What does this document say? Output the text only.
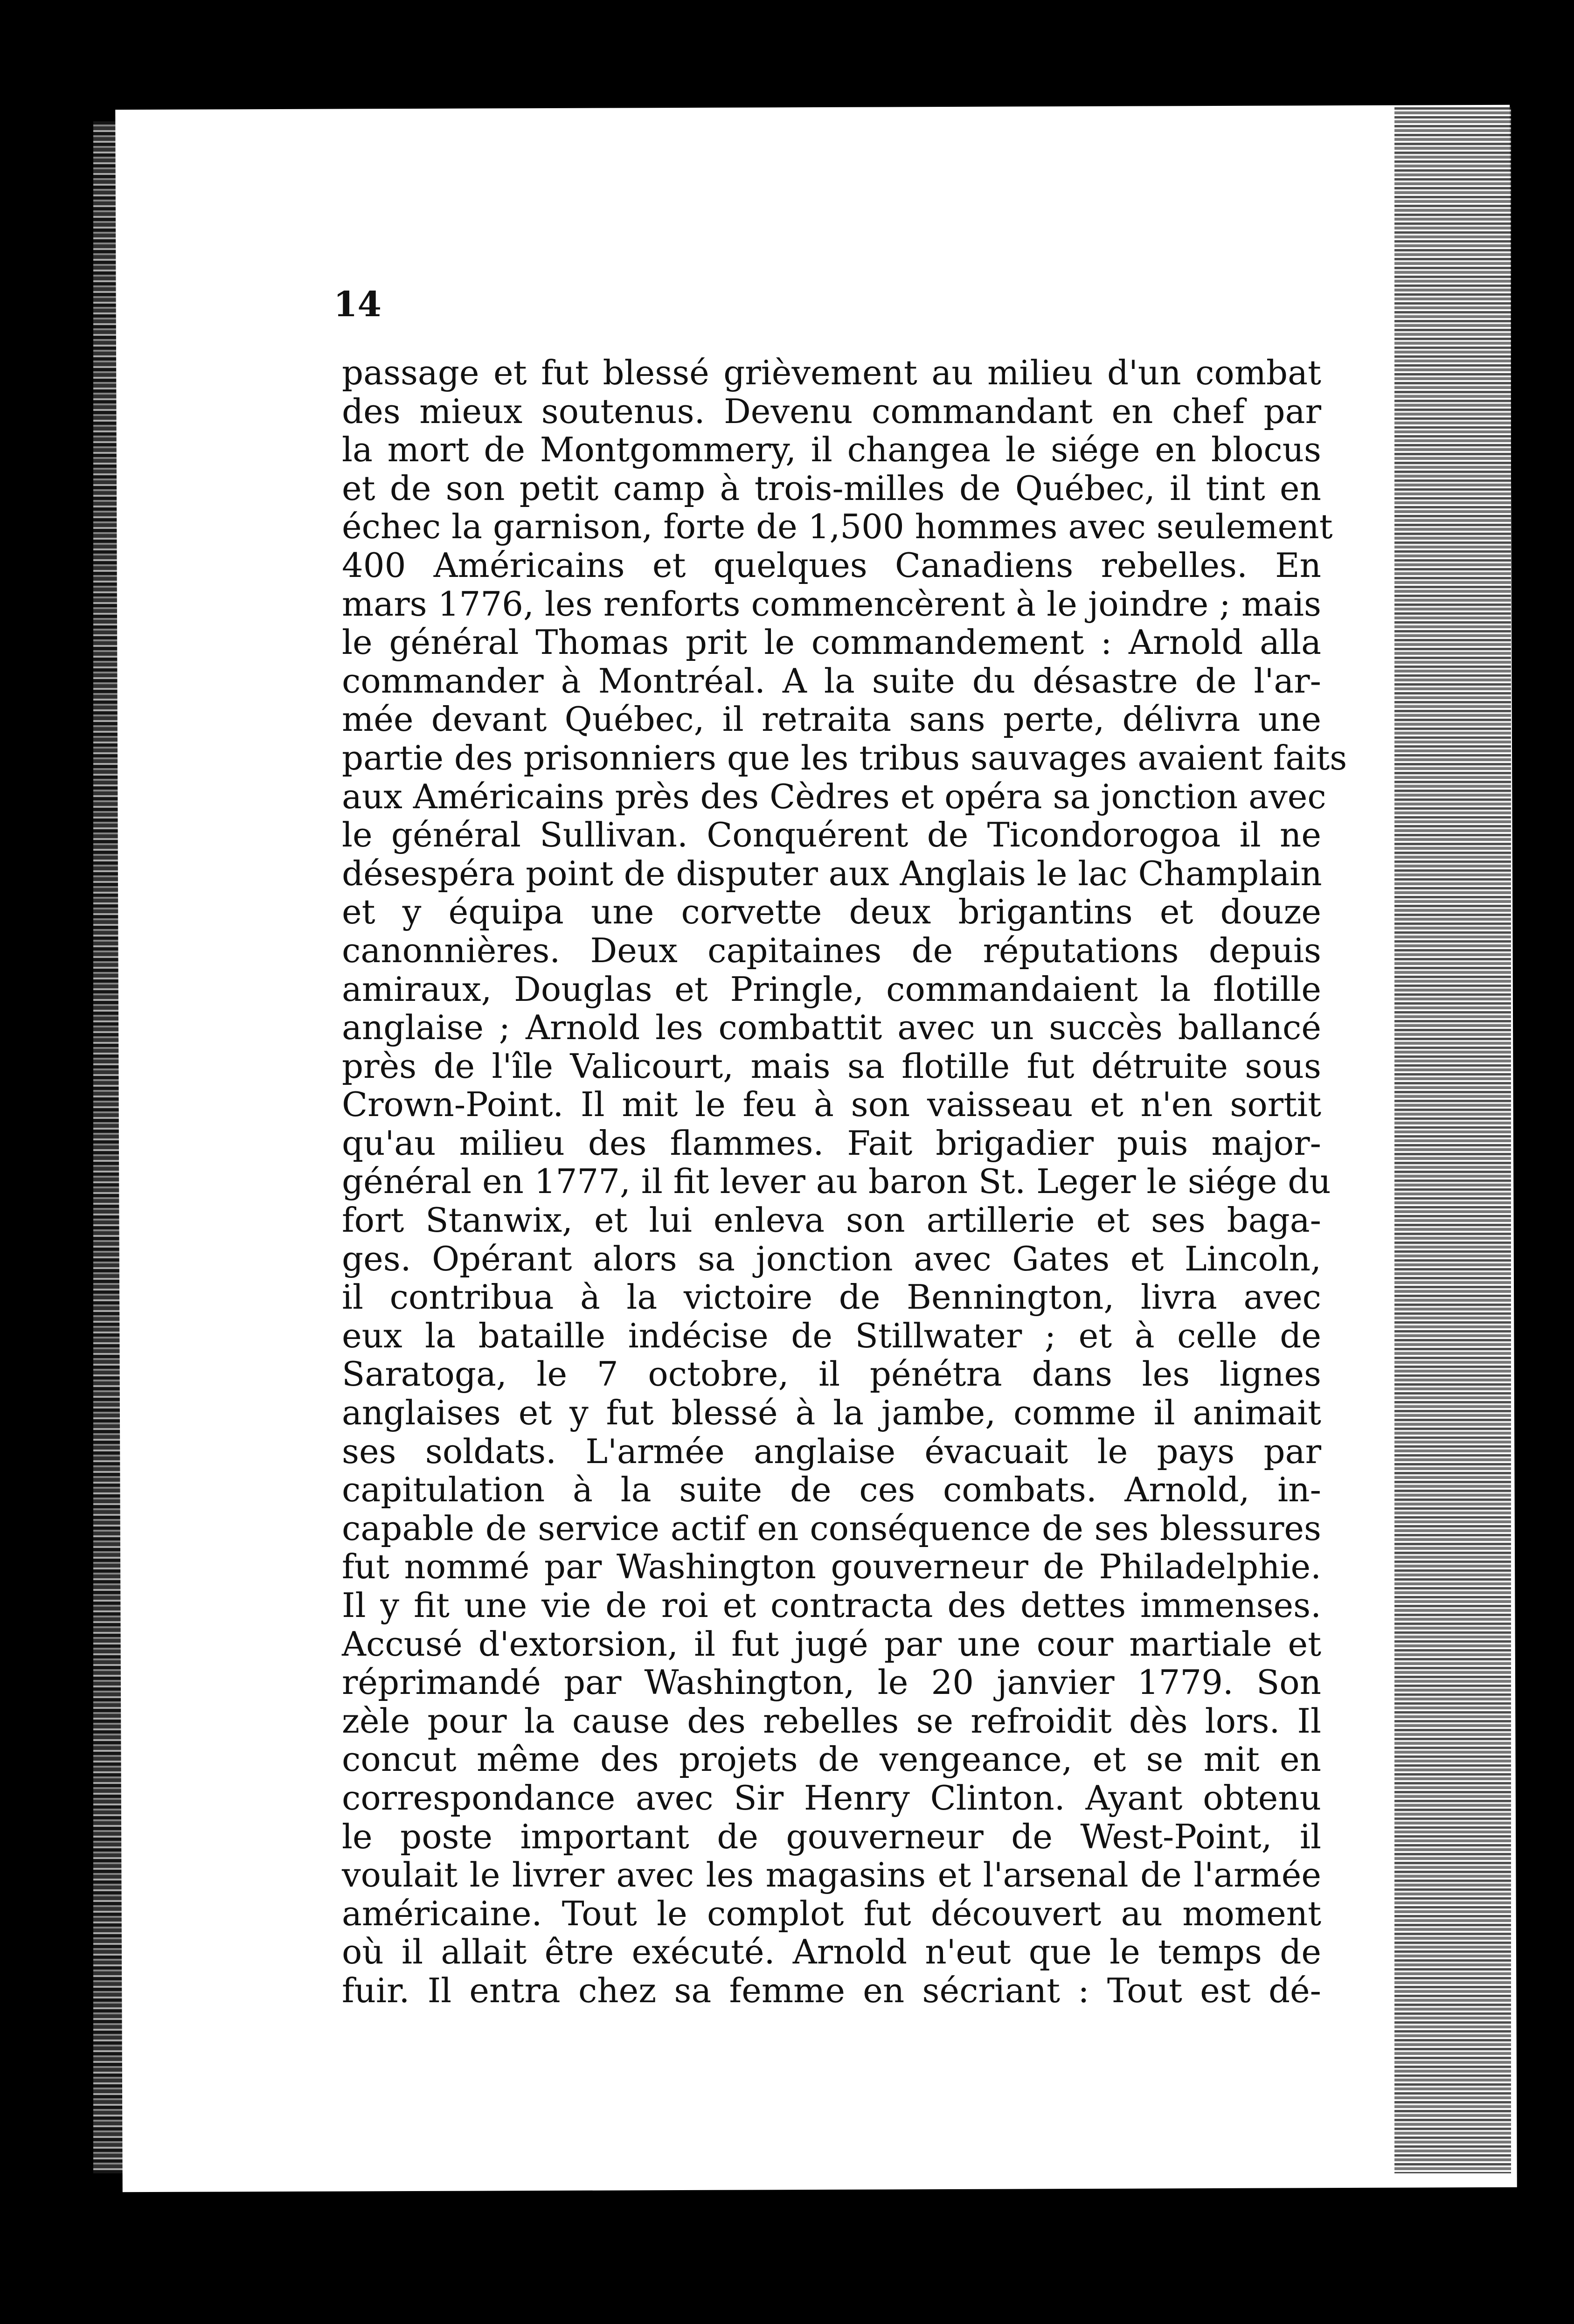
14
passage et fut blessé grièvement au milieu d'un combat
des mieux soutenus. Devenu commandant en chef par
la mort de Montgommery, il changea le siége en blocus
et de son petit camp à trois-milles de Québec, il tint en
échec la garnison, forte de 1,500 hommes avec seulement
400 Américains et quelques Canadiens rebelles. En
mars 1776, les renforts commencèrent à le joindre ; mais
le général Thomas prit le commandement : Arnold alla
commander à Montréal. A la suite du désastre de l'ar-
mée devant Québec, il retraita sans perte, délivra une
partie des prisonniers que les tribus sauvages avaient faits
aux Américains près des Cèdres et opéra sa jonction avec
le général Sullivan. Conquérent de Ticondorogoa il ne
désespéra point de disputer aux Anglais le lac Champlain
et y équipa une corvette deux brigantins et douze
canonnières. Deux capitaines de réputations depuis
amiraux, Douglas et Pringle, commandaient la flotille
anglaise ; Arnold les combattit avec un succès ballancé
près de l'île Valicourt, mais sa flotille fut détruite sous
Crown-Point. Il mit le feu à son vaisseau et n'en sortit
qu'au milieu des flammes. Fait brigadier puis major-
général en 1777, il fit lever au baron St. Leger le siége du
fort Stanwix, et lui enleva son artillerie et ses baga-
ges. Opérant alors sa jonction avec Gates et Lincoln,
il contribua à la victoire de Bennington, livra avec
eux la bataille indécise de Stillwater ; et à celle de
Saratoga, le 7 octobre, il pénétra dans les lignes
anglaises et y fut blessé à la jambe, comme il animait
ses soldats. L'armée anglaise évacuait le pays par
capitulation à la suite de ces combats. Arnold, in-
capable de service actif en conséquence de ses blessures
fut nommé par Washington gouverneur de Philadelphie.
Il y fit une vie de roi et contracta des dettes immenses.
Accusé d'extorsion, il fut jugé par une cour martiale et
réprimandé par Washington, le 20 janvier 1779. Son
zèle pour la cause des rebelles se refroidit dès lors. Il
concut même des projets de vengeance, et se mit en
correspondance avec Sir Henry Clinton. Ayant obtenu
le poste important de gouverneur de West-Point, il
voulait le livrer avec les magasins et l'arsenal de l'armée
américaine. Tout le complot fut découvert au moment
où il allait être exécuté. Arnold n'eut que le temps de
fuir. Il entra chez sa femme en sécriant : Tout est dé-
